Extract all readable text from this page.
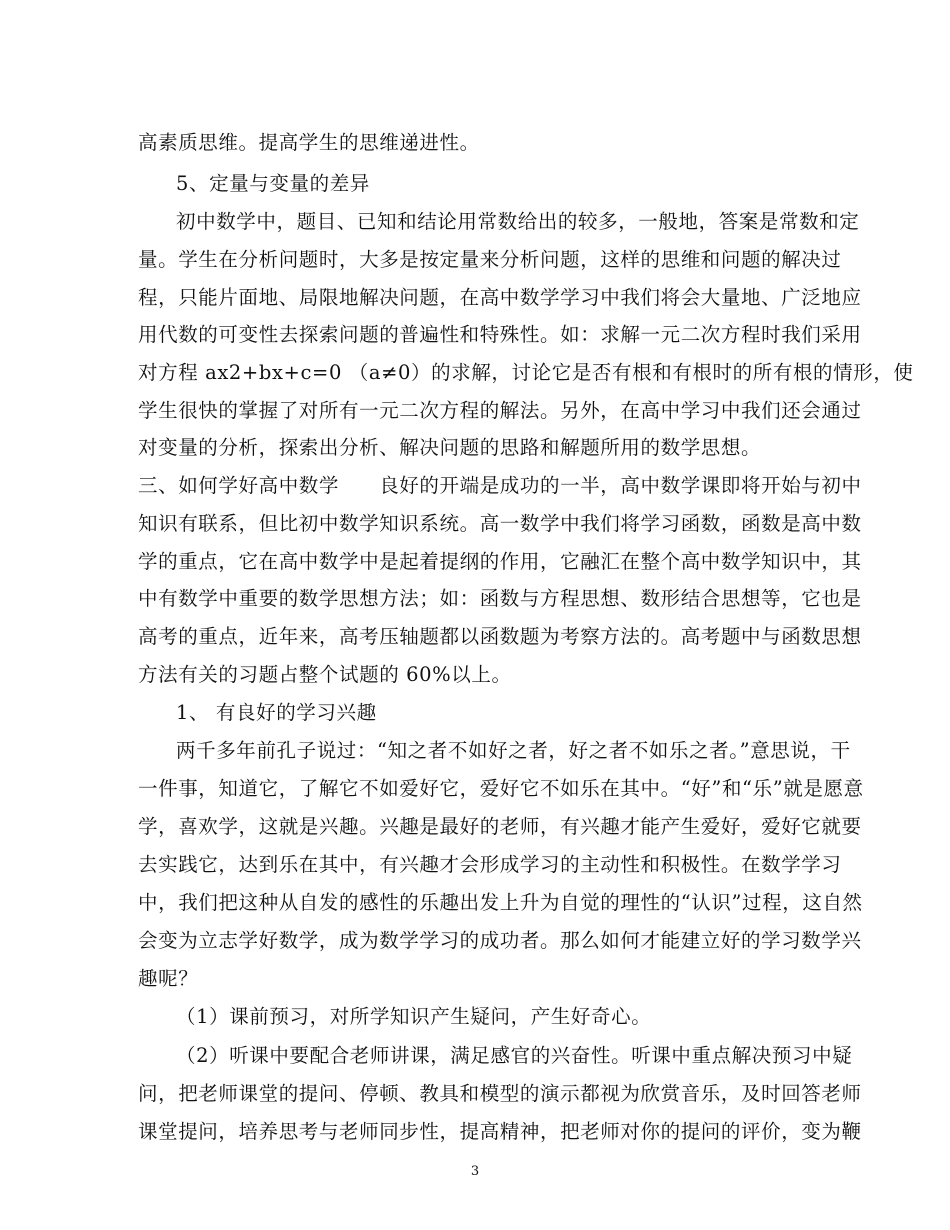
高素质思维。提高学生的思维递进性。
5、定量与变量的差异
初中数学中，题目、已知和结论用常数给出的较多，一般地，答案是常数和定
量。学生在分析问题时，大多是按定量来分析问题，这样的思维和问题的解决过
程，只能片面地、局限地解决问题，在高中数学学习中我们将会大量地、广泛地应
用代数的可变性去探索问题的普遍性和特殊性。如：求解一元二次方程时我们采用
对方程 ax2+bx+c=0 （a≠0）的求解，讨论它是否有根和有根时的所有根的情形，使
学生很快的掌握了对所有一元二次方程的解法。另外，在高中学习中我们还会通过
对变量的分析，探索出分析、解决问题的思路和解题所用的数学思想。
三、如何学好高中数学　　良好的开端是成功的一半，高中数学课即将开始与初中
知识有联系，但比初中数学知识系统。高一数学中我们将学习函数，函数是高中数
学的重点，它在高中数学中是起着提纲的作用，它融汇在整个高中数学知识中，其
中有数学中重要的数学思想方法；如：函数与方程思想、数形结合思想等，它也是
高考的重点，近年来，高考压轴题都以函数题为考察方法的。高考题中与函数思想
方法有关的习题占整个试题的 60%以上。
1、 有良好的学习兴趣
两千多年前孔子说过：“知之者不如好之者，好之者不如乐之者。”意思说，干
一件事，知道它，了解它不如爱好它，爱好它不如乐在其中。“好”和“乐”就是愿意
学，喜欢学，这就是兴趣。兴趣是最好的老师，有兴趣才能产生爱好，爱好它就要
去实践它，达到乐在其中，有兴趣才会形成学习的主动性和积极性。在数学学习
中，我们把这种从自发的感性的乐趣出发上升为自觉的理性的“认识”过程，这自然
会变为立志学好数学，成为数学学习的成功者。那么如何才能建立好的学习数学兴
趣呢？
（1）课前预习，对所学知识产生疑问，产生好奇心。
（2）听课中要配合老师讲课，满足感官的兴奋性。听课中重点解决预习中疑
问，把老师课堂的提问、停顿、教具和模型的演示都视为欣赏音乐，及时回答老师
课堂提问，培养思考与老师同步性，提高精神，把老师对你的提问的评价，变为鞭
3
